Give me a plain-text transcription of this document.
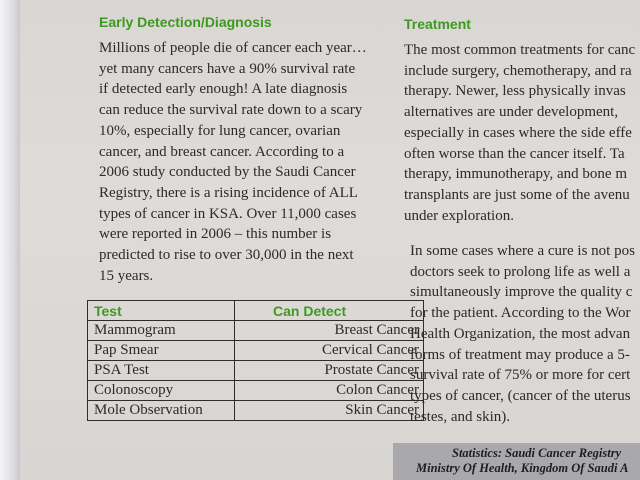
Early Detection/Diagnosis
Millions of people die of cancer each year…
yet many cancers have a 90% survival rate
if detected early enough! A late diagnosis
can reduce the survival rate down to a scary
10%, especially for lung cancer, ovarian
cancer, and breast cancer. According to a
2006 study conducted by the Saudi Cancer
Registry, there is a rising incidence of ALL
types of cancer in KSA. Over 11,000 cases
were reported in 2006 – this number is
predicted to rise to over 30,000 in the next
15 years.
Test	Can Detect
Mammogram	Breast Cancer
Pap Smear	Cervical Cancer
PSA Test	Prostate Cancer
Colonoscopy	Colon Cancer
Mole Observation	Skin Cancer
Treatment
The most common treatments for canc
include surgery, chemotherapy, and ra
therapy. Newer, less physically invas
alternatives are under development,
especially in cases where the side effe
often worse than the cancer itself. Ta
therapy, immunotherapy, and bone m
transplants are just some of the avenu
under exploration.
In some cases where a cure is not pos
doctors seek to prolong life as well a
simultaneously improve the quality c
for the patient. According to the Wor
Health Organization, the most advan
forms of treatment may produce a 5-
survival rate of 75% or more for cert
types of cancer, (cancer of the uterus
testes, and skin).
Statistics: Saudi Cancer Registry
Ministry Of Health, Kingdom Of Saudi A
